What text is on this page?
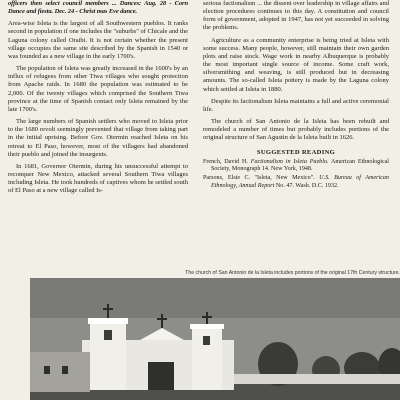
officers then select council members ... Dances: Aug. 28 - Corn Dance and fiesta. Dec. 24 - Christ mas Eve dance.

Area-wise Isleta is the largest of all Southwestern pueblos. It ranks second in population if one includes the "suburbs" of Chicale and the Laguna colony called Oraibi. It is not certain whether the present village occupies the same site described by the Spanish in 1540 or was founded as a new village in the early 1700's.

The population of Isleta was greatly increased in the 1600's by an influx of refugees from other Tiwa villages who sought protection from Apache raids. In 1680 the population was estimated to be 2,000. Of the twenty villages which comprised the Southern Tiwa province at the time of Spanish contact only Isleta remained by the late 1700's.

The large numbers of Spanish settlers who moved to Isleta prior to the 1680 revolt seemingly prevented that village from taking part in the initial uprising. Before Gov. Otermin reached Isleta on his retreat to El Paso, however, most of the villagers had abandoned their pueblo and joined the insurgents.

In 1681, Governor Otermin, during his unsuccessful attempt to reconquer New Mexico, attacked several Southern Tiwa villages including Isleta. He took hundreds of captives whom he settled south of El Paso at a new village called Is-

serious factionalism ... the dissent over leadership in village affairs and election procedures continues to this day. A constitution and council form of government, adopted in 1947, has not yet succeeded in solving the problems.

Agriculture as a community enterprise is being tried at Isleta with some success. Many people, however, still maintain their own garden plots and raise stock. Wage work in nearby Albuquerque is probably the most important single source of income. Some craft work, silversmithing and weaving, is still produced but in decreasing amounts. The so-called Isleta pottery is made by the Laguna colony which settled at Isleta in 1880.

Despite its factionalism Isleta maintains a full and active ceremonial life.

The church of San Antonio de la Isleta has been rebuilt and remodeled a number of times but probably includes portions of the original structure of San Agustin de la Isleta built in 1626.

SUGGESTED READING

French, David H. Factionalism in Isleta Pueblo. American Ethnological Society, Monograph 14. New York, 1948.

Parsons, Elsie C. "Isleta, New Mexico". U.S. Bureau of American Ethnology, Annual Report No. 47. Wash. D.C. 1932.

The church of San Antonio de la Isleta includes portions of the original 17th Century structure.
